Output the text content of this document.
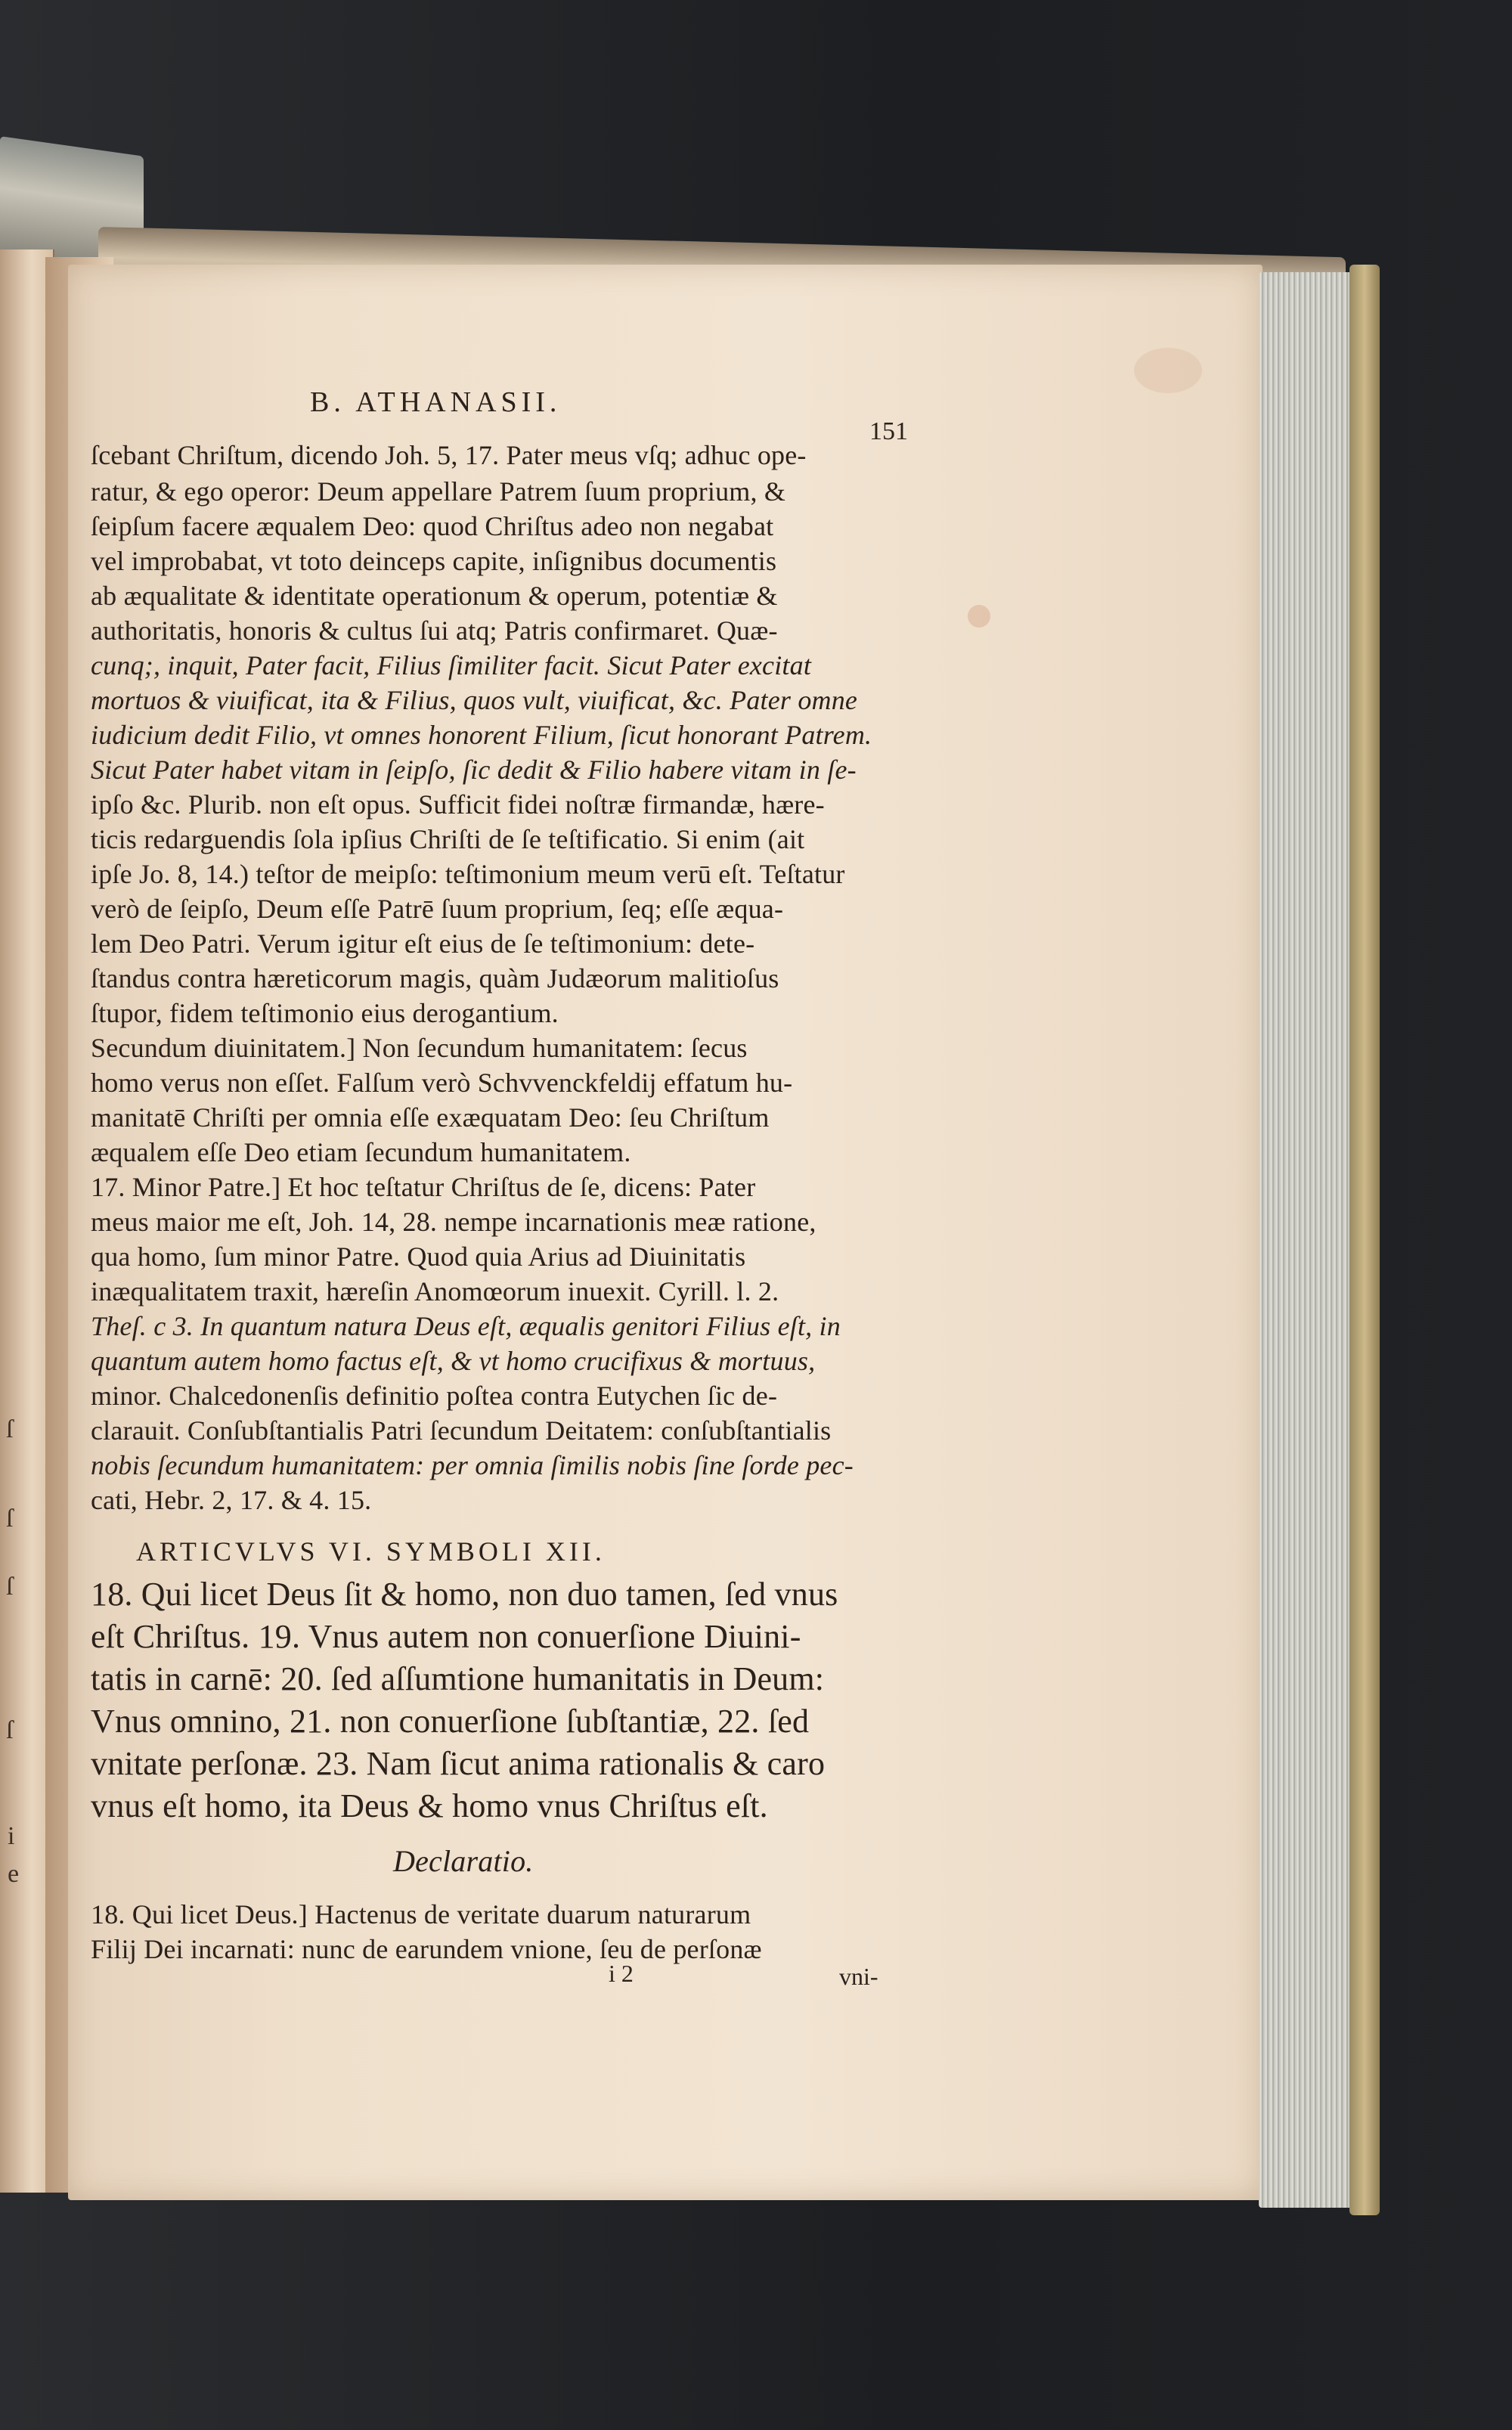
ſ
ſ
ſ
ſ
i
e
B. ATHANASII.
151
ſcebant Chriſtum, dicendo Joh. 5, 17. Pater meus vſq; adhuc ope-
ratur, & ego operor: Deum appellare Patrem ſuum proprium, &
ſeipſum facere æqualem Deo: quod Chriſtus adeo non negabat
vel improbabat, vt toto deinceps capite, inſignibus documentis
ab æqualitate & identitate operationum & operum, potentiæ &
authoritatis, honoris & cultus ſui atq; Patris confirmaret. Quæ-
cunq;, inquit, Pater facit, Filius ſimiliter facit. Sicut Pater excitat
mortuos & viuificat, ita & Filius, quos vult, viuificat, &c. Pater omne
iudicium dedit Filio, vt omnes honorent Filium, ſicut honorant Patrem.
Sicut Pater habet vitam in ſeipſo, ſic dedit & Filio habere vitam in ſe-
ipſo &c. Plurib. non eſt opus. Sufficit fidei noſtræ firmandæ, hære-
ticis redarguendis ſola ipſius Chriſti de ſe teſtificatio. Si enim (ait
ipſe Jo. 8, 14.) teſtor de meipſo: teſtimonium meum verū eſt. Teſtatur
verò de ſeipſo, Deum eſſe Patrē ſuum proprium, ſeq; eſſe æqua-
lem Deo Patri. Verum igitur eſt eius de ſe teſtimonium: dete-
ſtandus contra hæreticorum magis, quàm Judæorum malitioſus
ſtupor, fidem teſtimonio eius derogantium.
Secundum diuinitatem.] Non ſecundum humanitatem: ſecus
homo verus non eſſet. Falſum verò Schvvenckfeldij effatum hu-
manitatē Chriſti per omnia eſſe exæquatam Deo: ſeu Chriſtum
æqualem eſſe Deo etiam ſecundum humanitatem.
17. Minor Patre.] Et hoc teſtatur Chriſtus de ſe, dicens: Pater
meus maior me eſt, Joh. 14, 28. nempe incarnationis meæ ratione,
qua homo, ſum minor Patre. Quod quia Arius ad Diuinitatis
inæqualitatem traxit, hæreſin Anomœorum inuexit. Cyrill. l. 2.
Theſ. c 3. In quantum natura Deus eſt, æqualis genitori Filius eſt, in
quantum autem homo factus eſt, & vt homo crucifixus & mortuus,
minor. Chalcedonenſis definitio poſtea contra Eutychen ſic de-
clarauit. Conſubſtantialis Patri ſecundum Deitatem: conſubſtantialis
nobis ſecundum humanitatem: per omnia ſimilis nobis ſine ſorde pec-
cati, Hebr. 2, 17. & 4. 15.
ARTICVLVS VI. SYMBOLI XII.
18. Qui licet Deus ſit & homo, non duo tamen, ſed vnus
eſt Chriſtus. 19. Vnus autem non conuerſione Diuini-
tatis in carnē: 20. ſed aſſumtione humanitatis in Deum:
Vnus omnino, 21. non conuerſione ſubſtantiæ, 22. ſed
vnitate perſonæ. 23. Nam ſicut anima rationalis & caro
vnus eſt homo, ita Deus & homo vnus Chriſtus eſt.
Declaratio.
18. Qui licet Deus.] Hactenus de veritate duarum naturarum
Filij Dei incarnati: nunc de earundem vnione, ſeu de perſonæ
i 2	vni-
